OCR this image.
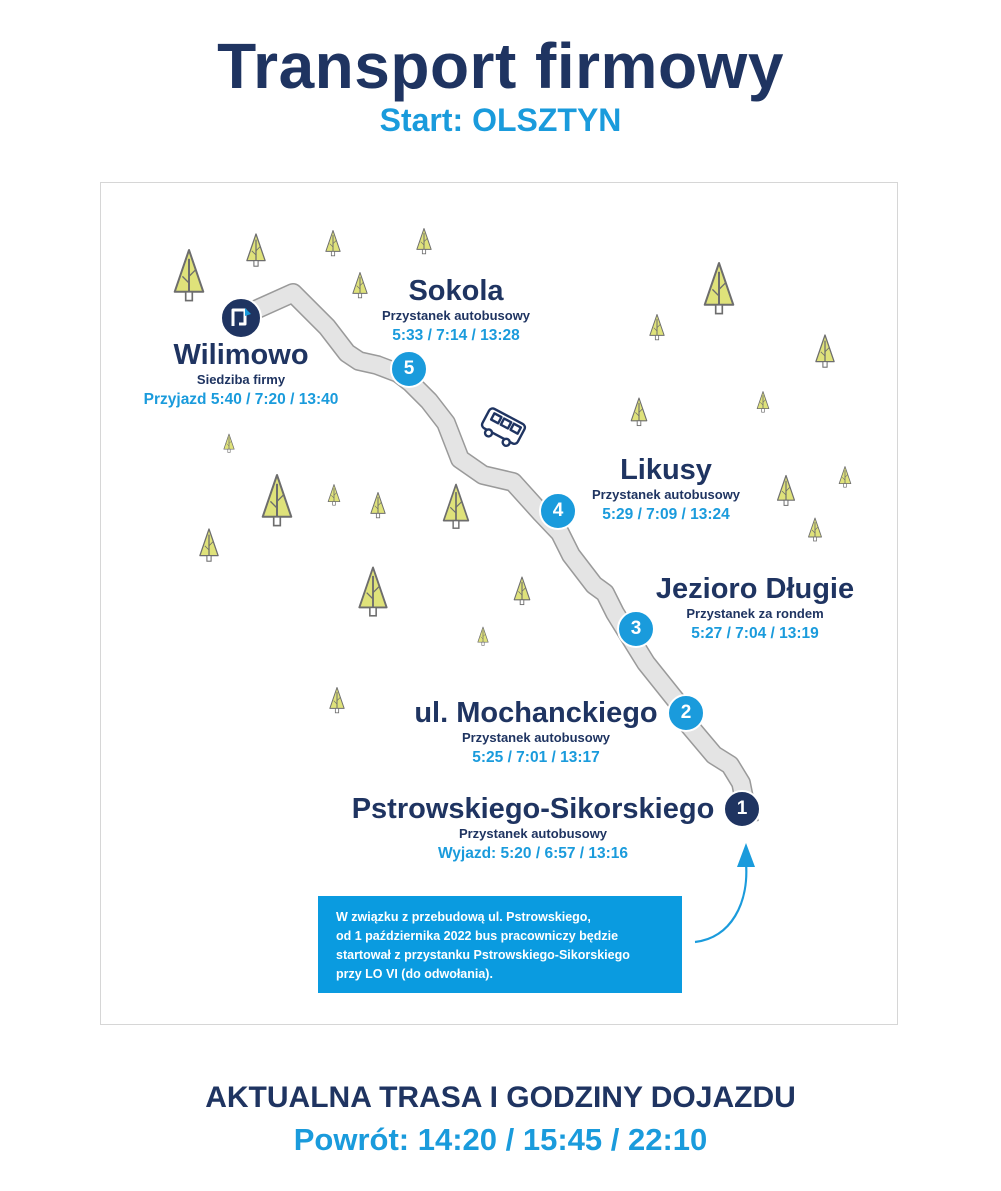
Transport firmowy
Start: OLSZTYN
5
4
3
2
1
Wilimowo
Siedziba firmy
Przyjazd 5:40 / 7:20 / 13:40
Sokola
Przystanek autobusowy
5:33 / 7:14 / 13:28
Likusy
Przystanek autobusowy
5:29 / 7:09 / 13:24
Jezioro Długie
Przystanek za rondem
5:27 / 7:04 / 13:19
ul. Mochanckiego
Przystanek autobusowy
5:25 / 7:01 / 13:17
Pstrowskiego-Sikorskiego
Przystanek autobusowy
Wyjazd: 5:20 / 6:57 / 13:16
W związku z przebudową ul. Pstrowskiego,
od 1 października 2022 bus pracowniczy będzie
startował z przystanku Pstrowskiego-Sikorskiego
przy LO VI (do odwołania).
AKTUALNA TRASA I GODZINY DOJAZDU
Powrót: 14:20 / 15:45 / 22:10
